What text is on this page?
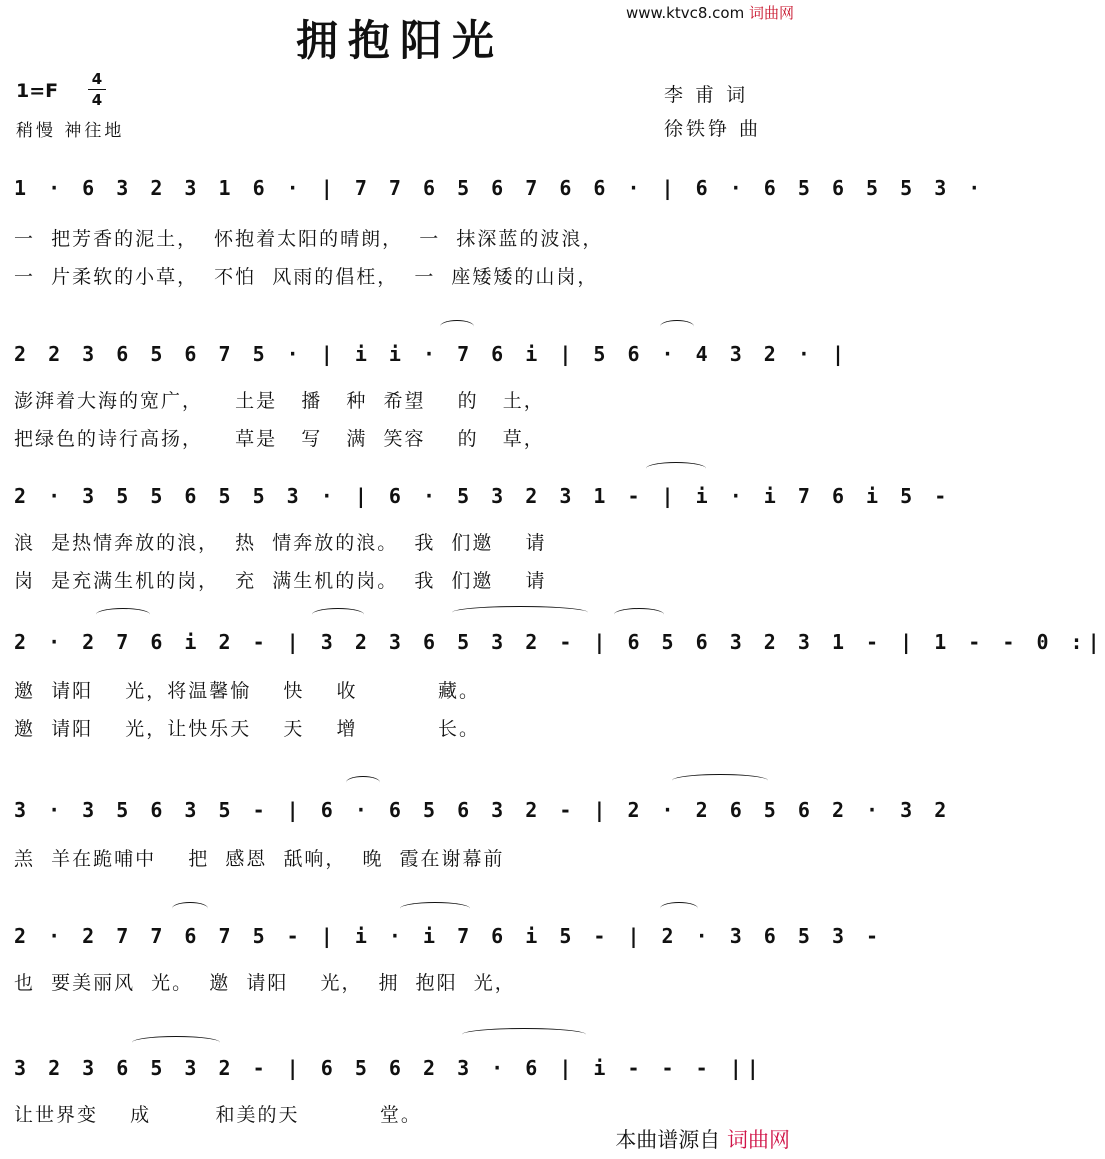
www.ktvc8.com 词曲网
拥抱阳光
1=F
4
4
稍慢 神往地
李 甫 词
徐铁铮 曲
1 · 6 3 2 3 1 6 · | 7 7 6 5 6 7 6 6 · | 6 · 6 5 6 5 5 3 ·
一  把芳香的泥土，  怀抱着太阳的晴朗，  一  抹深蓝的波浪，
一  片柔软的小草，  不怕  风雨的倡枉，  一  座矮矮的山岗，
2 2 3 6 5 6 7 5 · | i i · 7 6 i | 5 6 · 4 3 2 · |
澎湃着大海的宽广，    土是   播   种  希望    的   土，
把绿色的诗行高扬，    草是   写   满  笑容    的   草，
2 · 3 5 5 6 5 5 3 · | 6 · 5 3 2 3 1 - | i · i 7 6 i 5 -
浪  是热情奔放的浪，  热  情奔放的浪。  我  们邀    请
岗  是充满生机的岗，  充  满生机的岗。  我  们邀    请
2 · 2 7 6 i 2 - | 3 2 3 6 5 3 2 - | 6 5 6 3 2 3 1 - | 1 - - 0 :|
邀  请阳    光，将温馨愉    快    收          藏。
邀  请阳    光，让快乐天    天    增          长。
3 · 3 5 6 3 5 - | 6 · 6 5 6 3 2 - | 2 · 2 6 5 6 2 · 3 2
羔  羊在跪哺中    把  感恩  舐响，  晚  霞在谢幕前
2 · 2 7 7 6 7 5 - | i · i 7 6 i 5 - | 2 · 3 6 5 3 -
也  要美丽风  光。  邀  请阳    光，  拥  抱阳  光，
3 2 3 6 5 3 2 - | 6 5 6 2 3 · 6 | i - - - ||
让世界变    成        和美的天          堂。
本曲谱源自 词曲网
